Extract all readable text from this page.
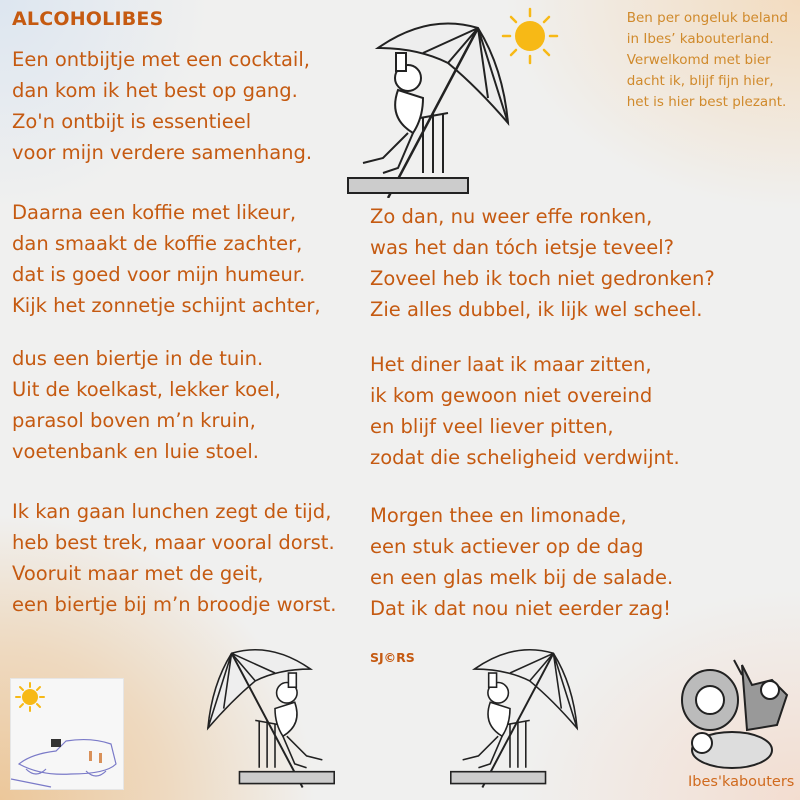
ALCOHOLIBES
Een ontbijtje met een cocktail,
dan kom ik het best op gang.
Zo'n ontbijt is essentieel
voor mijn verdere samenhang.
Daarna een koffie met likeur,
dan smaakt de koffie zachter,
dat is goed voor mijn humeur.
Kijk het zonnetje schijnt achter,
dus een biertje in de tuin.
Uit de koelkast, lekker koel,
parasol boven m’n kruin,
voetenbank en luie stoel.
Ik kan gaan lunchen zegt de tijd,
heb best trek, maar vooral dorst.
Vooruit maar met de geit,
een biertje bij m’n broodje worst.
Zo dan, nu weer effe ronken,
was het dan tóch ietsje teveel?
Zoveel heb ik toch niet gedronken?
Zie alles dubbel, ik lijk wel scheel.
Het diner laat ik maar zitten,
ik kom gewoon niet overeind
en blijf veel liever pitten,
zodat die scheligheid verdwijnt.
Morgen thee en limonade,
een stuk actiever op de dag
en een glas melk bij de salade.
Dat ik dat nou niet eerder zag!
SJ©RS
Ben per ongeluk beland
in Ibes’ kabouterland.
Verwelkomd met bier
dacht ik, blijf fijn hier,
het is hier best plezant.
Ibes'kabouters
